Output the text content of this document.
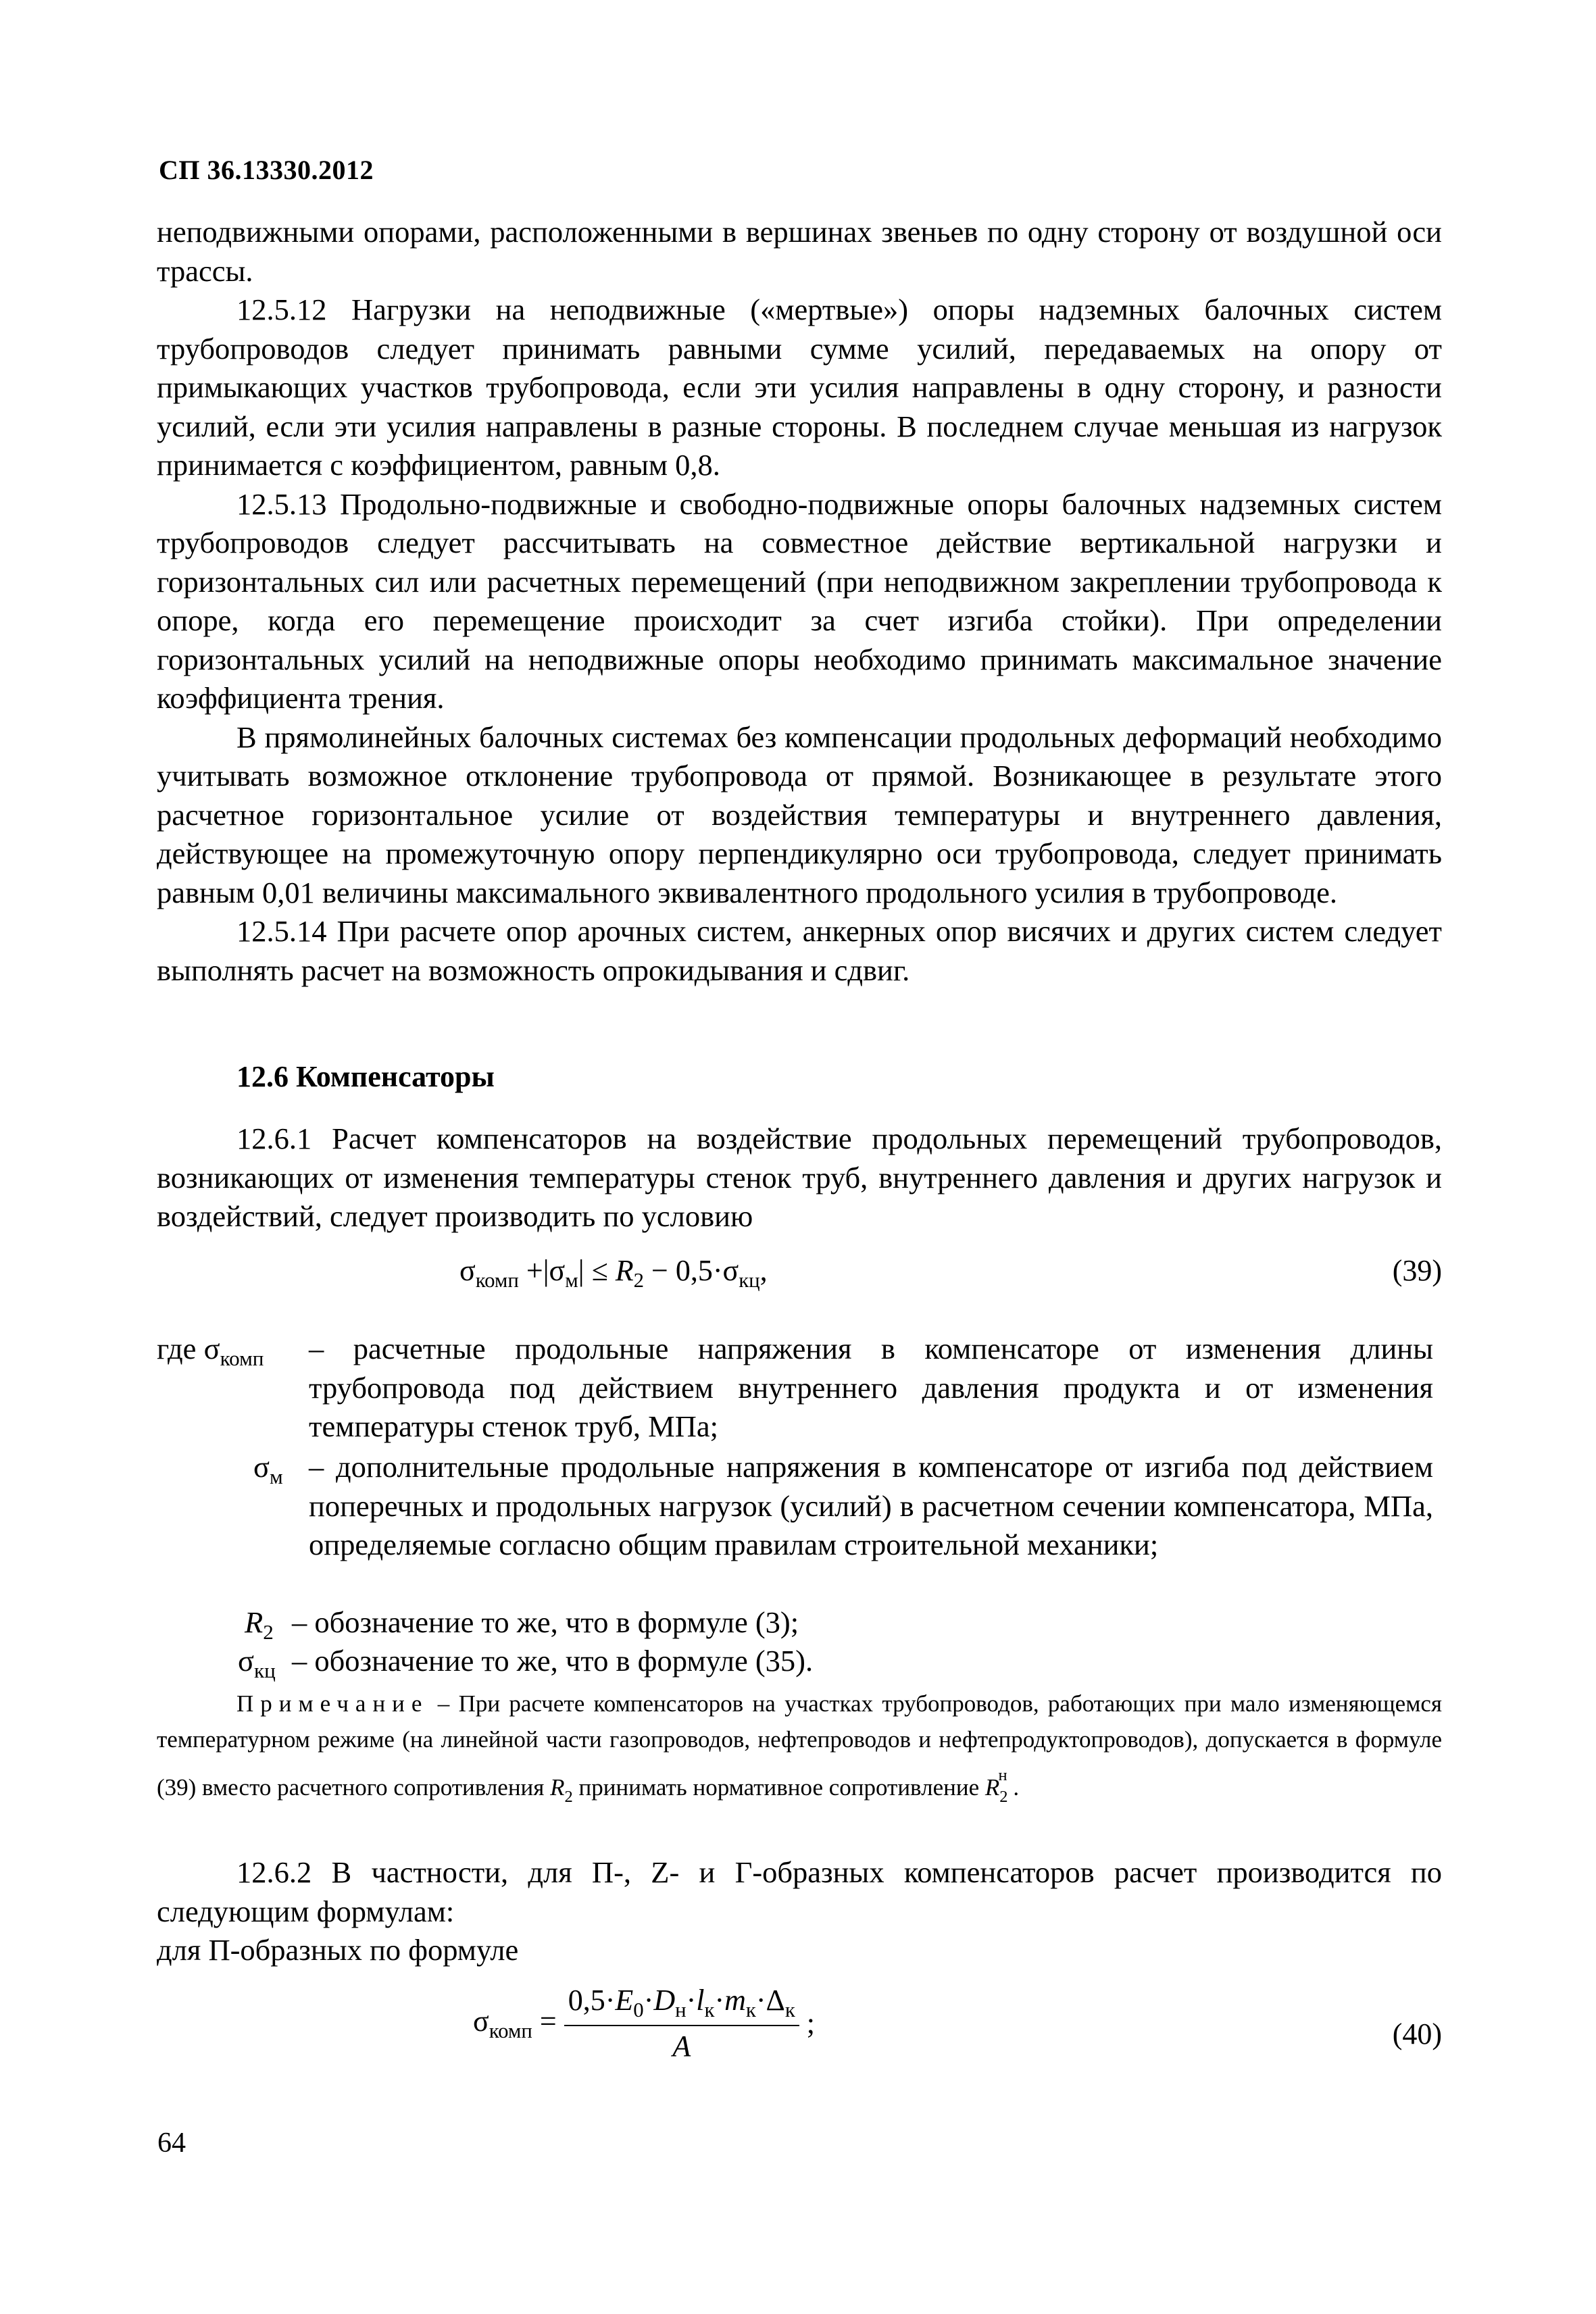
СП 36.13330.2012

неподвижными опорами, расположенными в вершинах звеньев по одну сторону от воздушной оси трассы.

12.5.12 Нагрузки на неподвижные («мертвые») опоры надземных балочных систем трубопроводов следует принимать равными сумме усилий, передаваемых на опору от примыкающих участков трубопровода, если эти усилия направлены в одну сторону, и разности усилий, если эти усилия направлены в разные стороны. В последнем случае меньшая из нагрузок принимается с коэффициентом, равным 0,8.

12.5.13 Продольно-подвижные и свободно-подвижные опоры балочных надземных систем трубопроводов следует рассчитывать на совместное действие вертикальной нагрузки и горизонтальных сил или расчетных перемещений (при неподвижном закреплении трубопровода к опоре, когда его перемещение происходит за счет изгиба стойки). При определении горизонтальных усилий на неподвижные опоры необходимо принимать максимальное значение коэффициента трения.

В прямолинейных балочных системах без компенсации продольных деформаций необходимо учитывать возможное отклонение трубопровода от прямой. Возникающее в результате этого расчетное горизонтальное усилие от воздействия температуры и внутреннего давления, действующее на промежуточную опору перпендикулярно оси трубопровода, следует принимать равным 0,01 величины максимального эквивалентного продольного усилия в трубопроводе.

12.5.14 При расчете опор арочных систем, анкерных опор висячих и других систем следует выполнять расчет на возможность опрокидывания и сдвиг.

12.6 Компенсаторы

12.6.1 Расчет компенсаторов на воздействие продольных перемещений трубопроводов, возникающих от изменения температуры стенок труб, внутреннего давления и других нагрузок и воздействий, следует производить по условию

$\sigma_{комп} +|\sigma_м| \le R_2 - 0,5\cdot\sigma_{кц}$,	(39)
где $\sigma_{комп}$ – расчетные продольные напряжения в компенсаторе от изменения длины трубопровода под действием внутреннего давления продукта и от изменения температуры стенок труб, МПа;
$\sigma_м$ – дополнительные продольные напряжения в компенсаторе от изгиба под действием поперечных и продольных нагрузок (усилий) в расчетном сечении компенсатора, МПа, определяемые согласно общим правилам строительной механики;
$R_2$ – обозначение то же, что в формуле (3);
$\sigma_{кц}$ – обозначение то же, что в формуле (35).
Примечание – При расчете компенсаторов на участках трубопроводов, работающих при мало изменяющемся температурном режиме (на линейной части газопроводов, нефтепроводов и нефтепродуктопроводов), допускается в формуле (39) вместо расчетного сопротивления $R_2$ принимать нормативное сопротивление $R_2^н$ .

12.6.2 В частности, для П-, Z- и Г-образных компенсаторов расчет производится по следующим формулам:

для П-образных по формуле

$\sigma_{комп} = \frac{0,5\cdot E_0\cdot D_н\cdot l_к\cdot m_к\cdot\Delta_к}{A}$ ;	(40)
64
